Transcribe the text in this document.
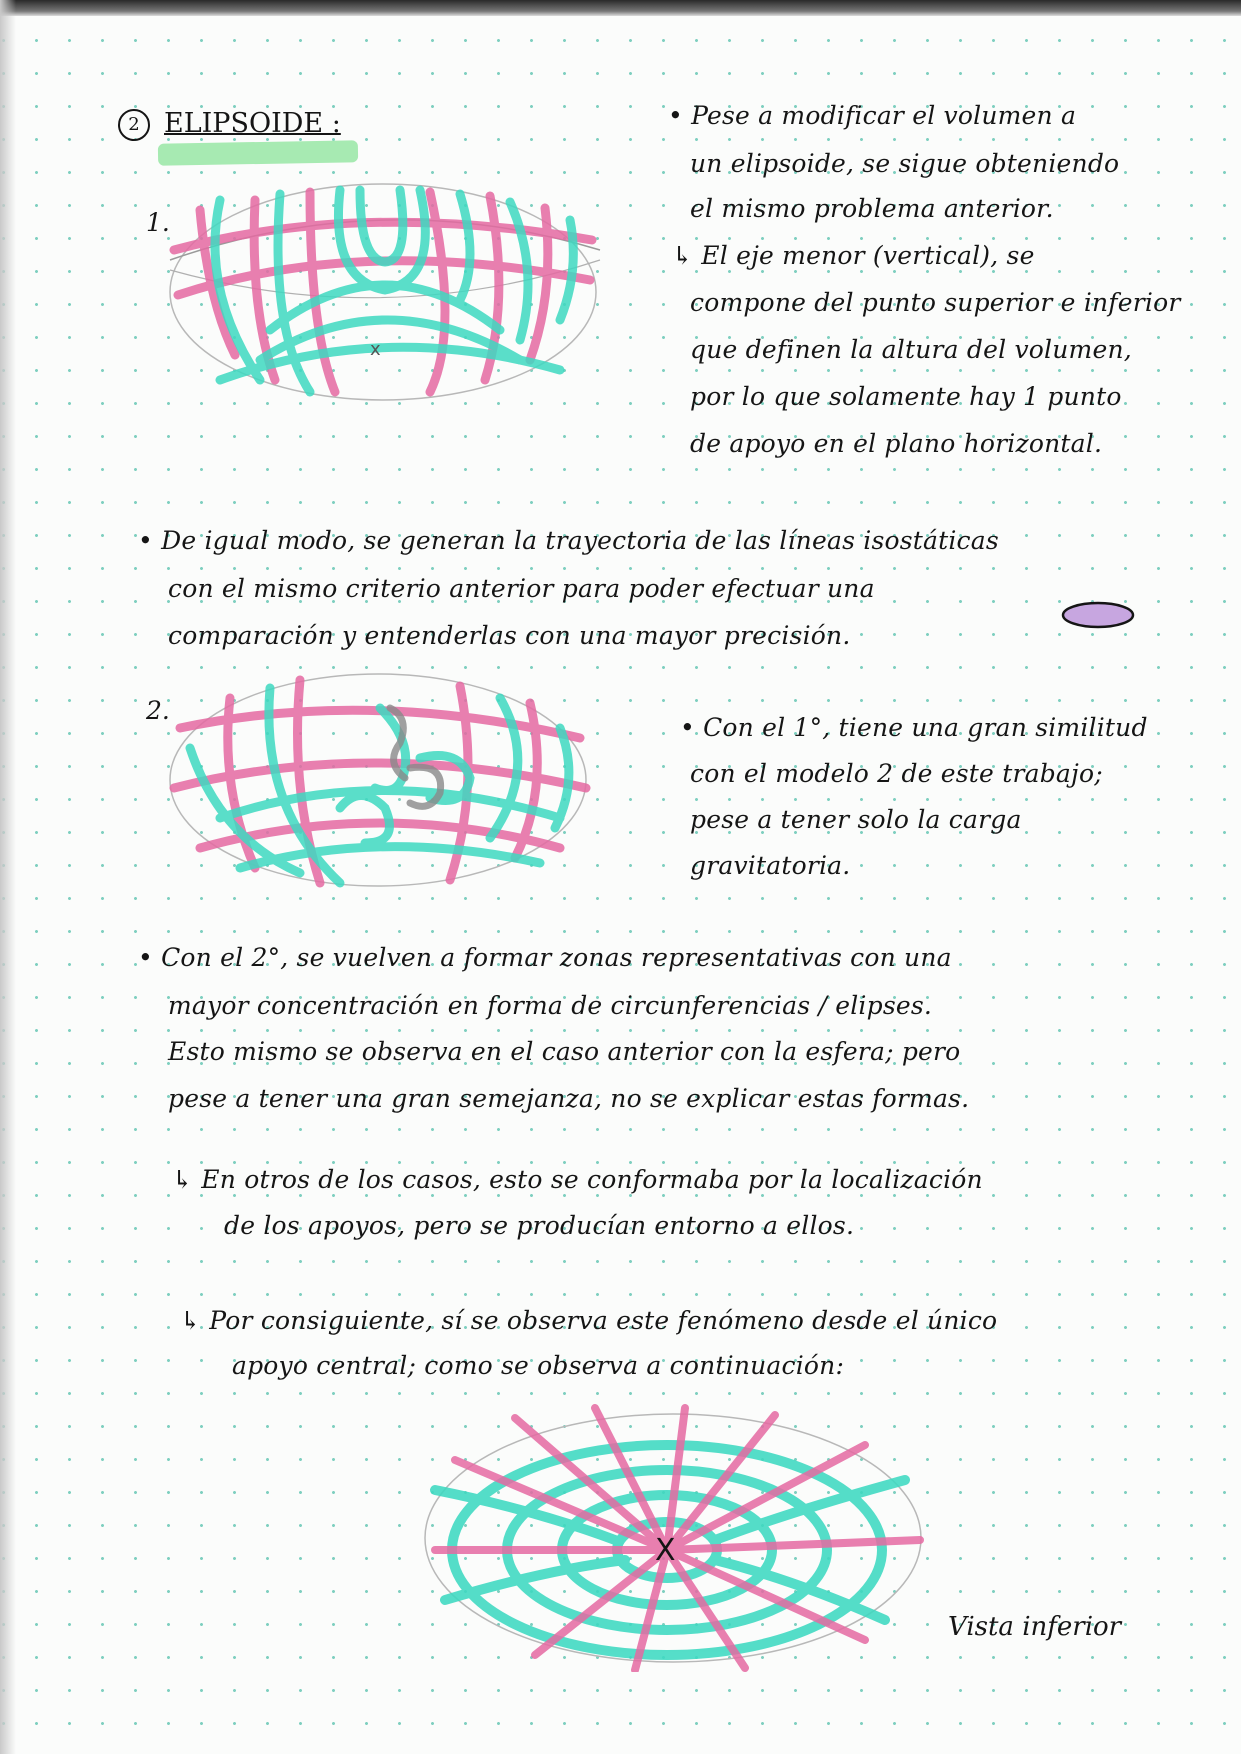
2 ELIPSOIDE :
1.
x
• Pese a modificar el volumen a
un elipsoide, se sigue obteniendo
el mismo problema anterior.
↳ El eje menor (vertical), se
compone del punto superior e inferior
que definen la altura del volumen,
por lo que solamente hay 1 punto
de apoyo en el plano horizontal.
• De igual modo, se generan la trayectoria de las líneas isostáticas
con el mismo criterio anterior para poder efectuar una
comparación y entenderlas con una mayor precisión.
2.
• Con el 1°, tiene una gran similitud
con el modelo 2 de este trabajo;
pese a tener solo la carga
gravitatoria.
• Con el 2°, se vuelven a formar zonas representativas con una
mayor concentración en forma de circunferencias / elipses.
Esto mismo se observa en el caso anterior con la esfera; pero
pese a tener una gran semejanza, no se explicar estas formas.
↳ En otros de los casos, esto se conformaba por la localización
de los apoyos, pero se producían entorno a ellos.
↳ Por consiguiente, sí se observa este fenómeno desde el único
apoyo central; como se observa a continuación:
X
Vista inferior
